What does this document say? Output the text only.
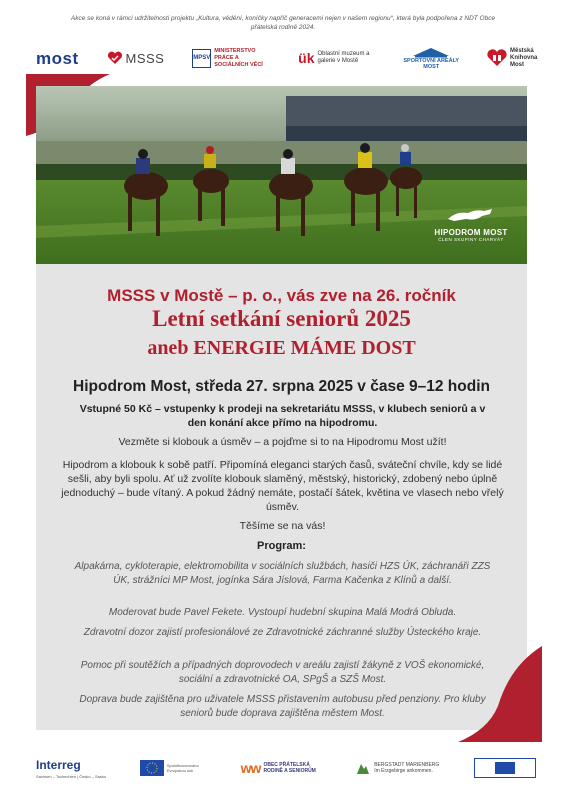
Akce se koná v rámci udržitelnosti projektu „Kultura, vědění, koníčky napříč generacemi nejen v našem regionu“, která byla podpořena z NDT Obce přátelská rodině 2024.
most	MSSS	MPSV
MINISTERSTVO PRÁCE A SOCIÁLNÍCH VĚCÍ	ük Oblastní muzeum a galerie v Mostě	SPORTOVNÍ AREÁLY
MOST
Městská Knihovna Most
HIPODROM MOST
ČLEN SKUPINY CHARVÁT
MSSS v Mostě – p. o., vás zve na 26. ročník
Letní setkání seniorů 2025
aneb ENERGIE MÁME DOST
Hipodrom Most, středa 27. srpna 2025 v čase 9–12 hodin
Vstupné 50 Kč – vstupenky k prodeji na sekretariátu MSSS, v klubech seniorů a v den konání akce přímo na hipodromu.
Vezměte si klobouk a úsměv – a pojďme si to na Hipodromu Most užít!
Hipodrom a klobouk k sobě patří. Připomíná eleganci starých časů, sváteční chvíle, kdy se lidé sešli, aby byli spolu. Ať už zvolíte klobouk slaměný, městský, historický, zdobený nebo úplně jednoduchý – bude vítaný. A pokud žádný nemáte, postačí šátek, květina ve vlasech nebo vřelý úsměv.
Těšíme se na vás!
Program:
Alpakárna, cykloterapie, elektromobilita v sociálních službách, hasiči HZS ÚK, záchranáři ZZS ÚK, strážníci MP Most, jogínka Sára Jíslová, Farma Kačenka z Klínů a další.
Moderovat bude Pavel Fekete. Vystoupí hudební skupina Malá Modrá Obluda.
Zdravotní dozor zajistí profesionálové ze Zdravotnické záchranné služby Ústeckého kraje.
Pomoc při soutěžích a případných doprovodech v areálu zajistí žákyně z VOŠ ekonomické, sociální a zdravotnické OA, SPgŠ a SZŠ Most.
Doprava bude zajištěna pro uživatele MSSS přistavením autobusu před penziony. Pro kluby seniorů bude doprava zajištěna městem Most.
Interreg
Sachsen – Tschechien | Česko – Sasko
Spolufinancováno Evropskou unií	ww OBEC PŘÁTELSKÁ RODINĚ A SENIORŮM
BERGSTADT MARIENBERG Im Erzgebirge ankommen.
